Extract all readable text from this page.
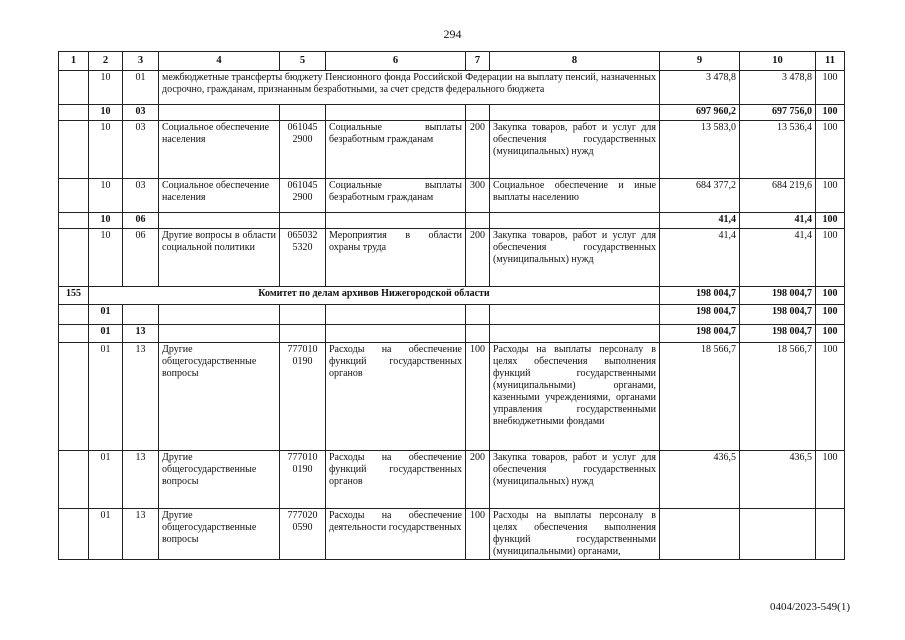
294
1	2	3	4	5	6	7	8	9	10	11
	10	01	межбюджетные трансферты бюджету Пенсионного фонда Российской Федерации на выплату пенсий, назначенных досрочно, гражданам, признанным безработными, за счет средств федерального бюджета					3 478,8	3 478,8	100
	10	03						697 960,2	697 756,0	100
	10	03	Социальное обеспечение населения	061045 2900	Социальные выплаты безработным гражданам	200	Закупка товаров, работ и услуг для обеспечения государственных (муниципальных) нужд	13 583,0	13 536,4	100
	10	03	Социальное обеспечение населения	061045 2900	Социальные выплаты безработным гражданам	300	Социальное обеспечение и иные выплаты населению	684 377,2	684 219,6	100
	10	06						41,4	41,4	100
	10	06	Другие вопросы в области социальной политики	065032 5320	Мероприятия в области охраны труда	200	Закупка товаров, работ и услуг для обеспечения государственных (муниципальных) нужд	41,4	41,4	100
155	Комитет по делам архивов Нижегородской области							198 004,7	198 004,7	100
	01							198 004,7	198 004,7	100
	01	13						198 004,7	198 004,7	100
	01	13	Другие общегосударственные вопросы	777010 0190	Расходы на обеспечение функций государственных органов	100	Расходы на выплаты персоналу в целях обеспечения выполнения функций государственными (муниципальными) органами, казенными учреждениями, органами управления государственными внебюджетными фондами	18 566,7	18 566,7	100
	01	13	Другие общегосударственные вопросы	777010 0190	Расходы на обеспечение функций государственных органов	200	Закупка товаров, работ и услуг для обеспечения государственных (муниципальных) нужд	436,5	436,5	100
	01	13	Другие общегосударственные вопросы	777020 0590	Расходы на обеспечение деятельности государственных	100	Расходы на выплаты персоналу в целях обеспечения выполнения функций государственными (муниципальными) органами,			
0404/2023-549(1)
